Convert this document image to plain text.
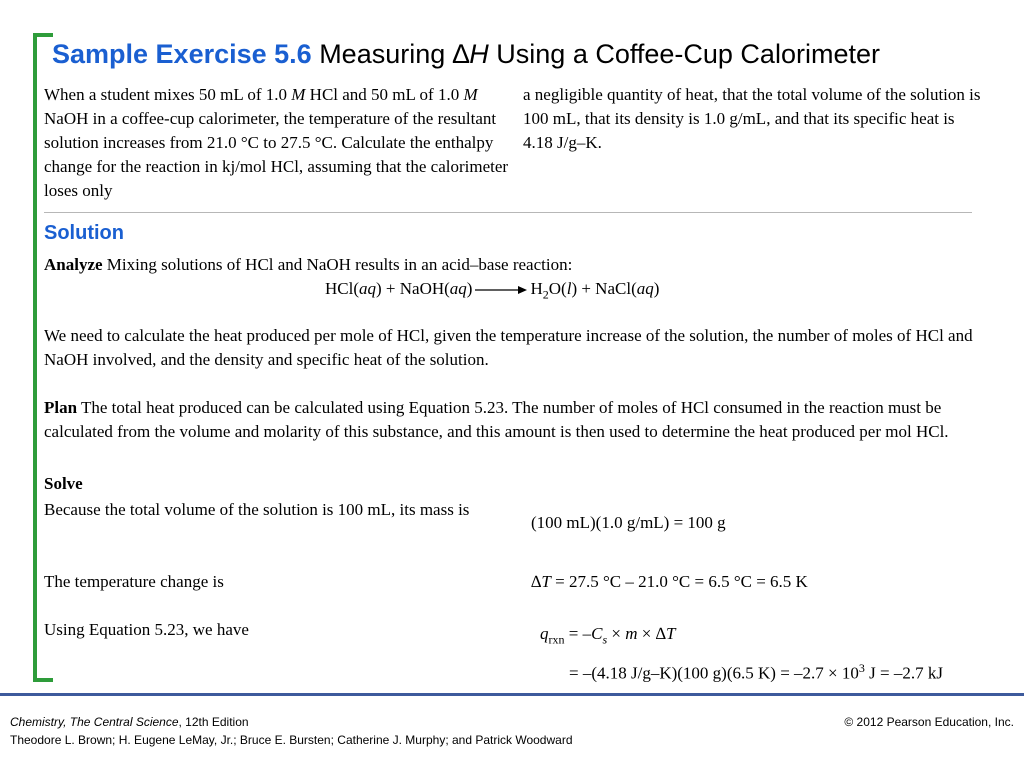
Sample Exercise 5.6 Measuring ∆H Using a Coffee-Cup Calorimeter
When a student mixes 50 mL of 1.0 M HCl and 50 mL of 1.0 M NaOH in a coffee-cup calorimeter, the temperature of the resultant solution increases from 21.0 °C to 27.5 °C. Calculate the enthalpy change for the reaction in kj/mol HCl, assuming that the calorimeter loses only
a negligible quantity of heat, that the total volume of the solution is 100 mL, that its density is 1.0 g/mL, and that its specific heat is 4.18 J/g–K.
Solution
Analyze Mixing solutions of HCl and NaOH results in an acid–base reaction:
HCl(aq) + NaOH(aq) → $H_2O(l)$ + NaCl(aq)
We need to calculate the heat produced per mole of HCl, given the temperature increase of the solution, the number of moles of HCl and NaOH involved, and the density and specific heat of the solution.
Plan The total heat produced can be calculated using Equation 5.23. The number of moles of HCl consumed in the reaction must be calculated from the volume and molarity of this substance, and this amount is then used to determine the heat produced per mol HCl.
Solve
Because the total volume of the solution is 100 mL, its mass is
(100 mL)(1.0 g/mL) = 100 g
The temperature change is	∆T = 27.5 °C – 21.0 °C = 6.5 °C = 6.5 K
Using Equation 5.23, we have	$q_{rxn} = -C_s \times m \times \Delta T$
= –(4.18 J/g–K)(100 g)(6.5 $K) = -2.7 \times 10^3$ J = –2.7 kJ
Chemistry, The Central Science, 12th Edition
Theodore L. Brown; H. Eugene LeMay, Jr.; Bruce E. Bursten; Catherine J. Murphy; and Patrick Woodward
© 2012 Pearson Education, Inc.
